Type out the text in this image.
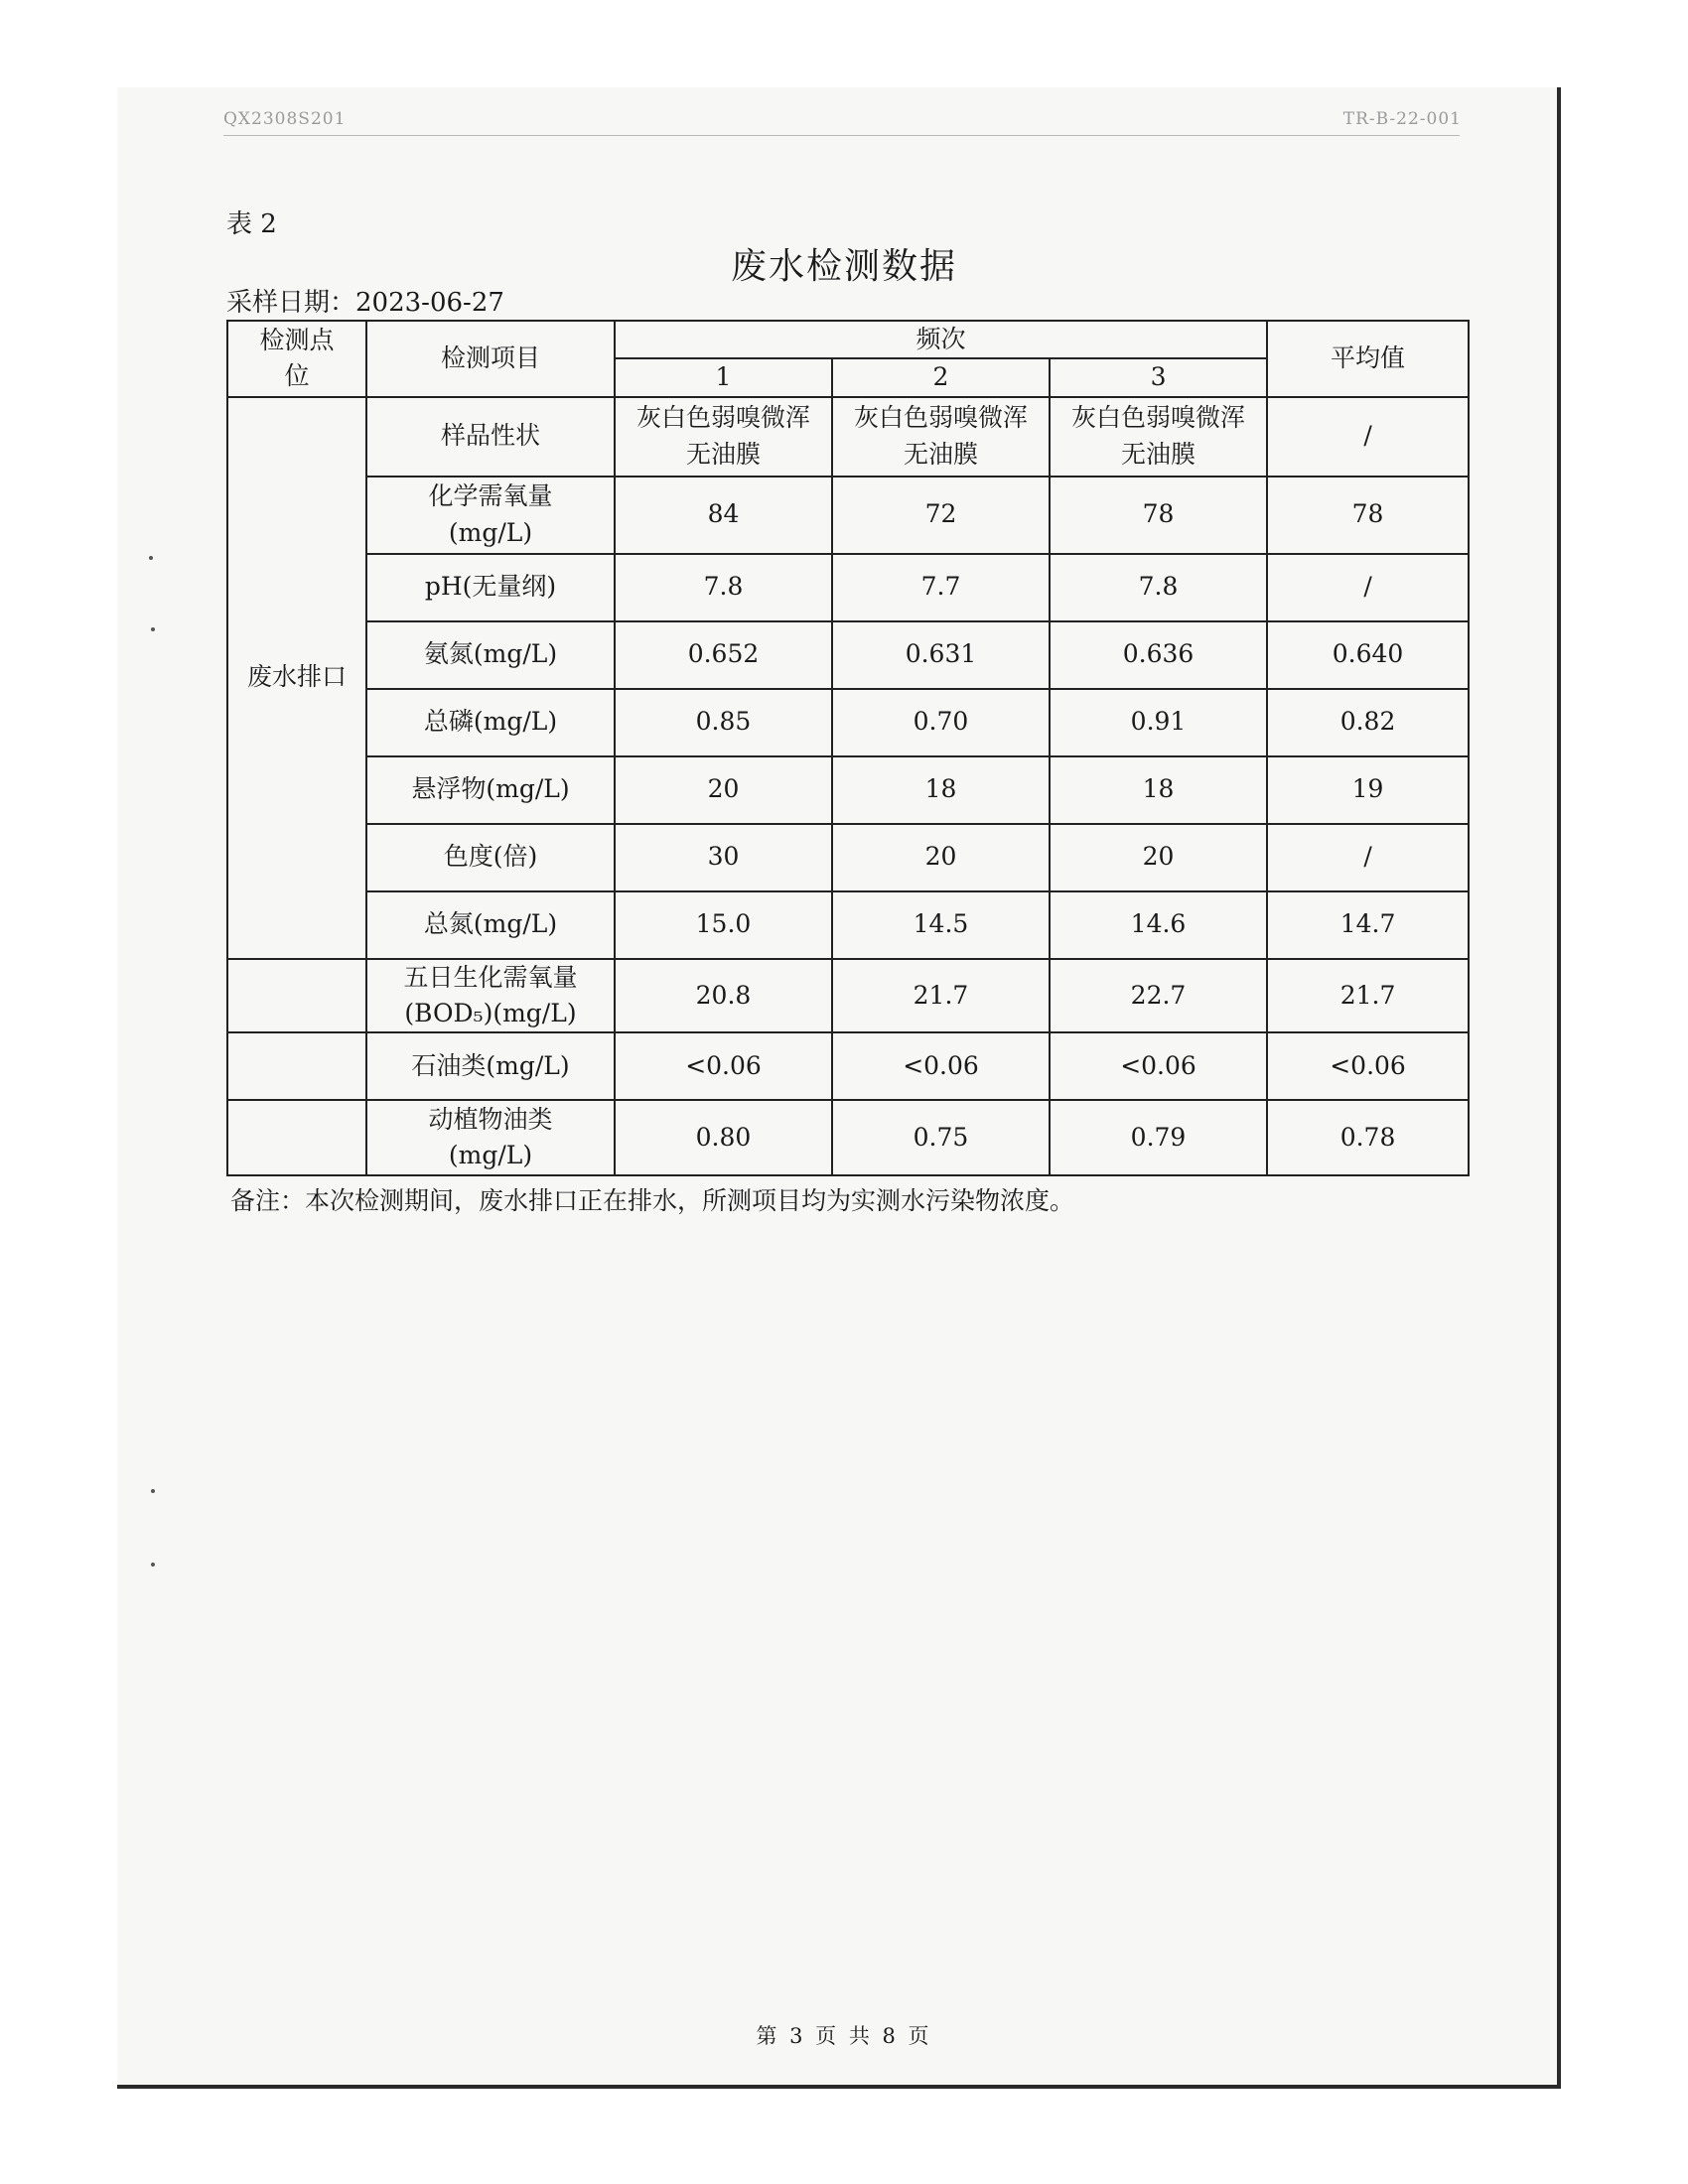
QX2308S201	TR-B-22-001
表 2
废水检测数据
采样日期：2023-06-27
检测点位	检测项目	频次			平均值
		1	2	3	
废水排口	样品性状	灰白色弱嗅微浑无油膜	灰白色弱嗅微浑无油膜	灰白色弱嗅微浑无油膜	/
	化学需氧量(mg/L)	84	72	78	78
	pH(无量纲)	7.8	7.7	7.8	/
	氨氮(mg/L)	0.652	0.631	0.636	0.640
	总磷(mg/L)	0.85	0.70	0.91	0.82
	悬浮物(mg/L)	20	18	18	19
	色度(倍)	30	20	20	/
	总氮(mg/L)	15.0	14.5	14.6	14.7
	五日生化需氧量(BOD₅)(mg/L)	20.8	21.7	22.7	21.7
	石油类(mg/L)	<0.06	<0.06	<0.06	<0.06
	动植物油类(mg/L)	0.80	0.75	0.79	0.78
备注：本次检测期间，废水排口正在排水，所测项目均为实测水污染物浓度。
第 3 页 共 8 页
